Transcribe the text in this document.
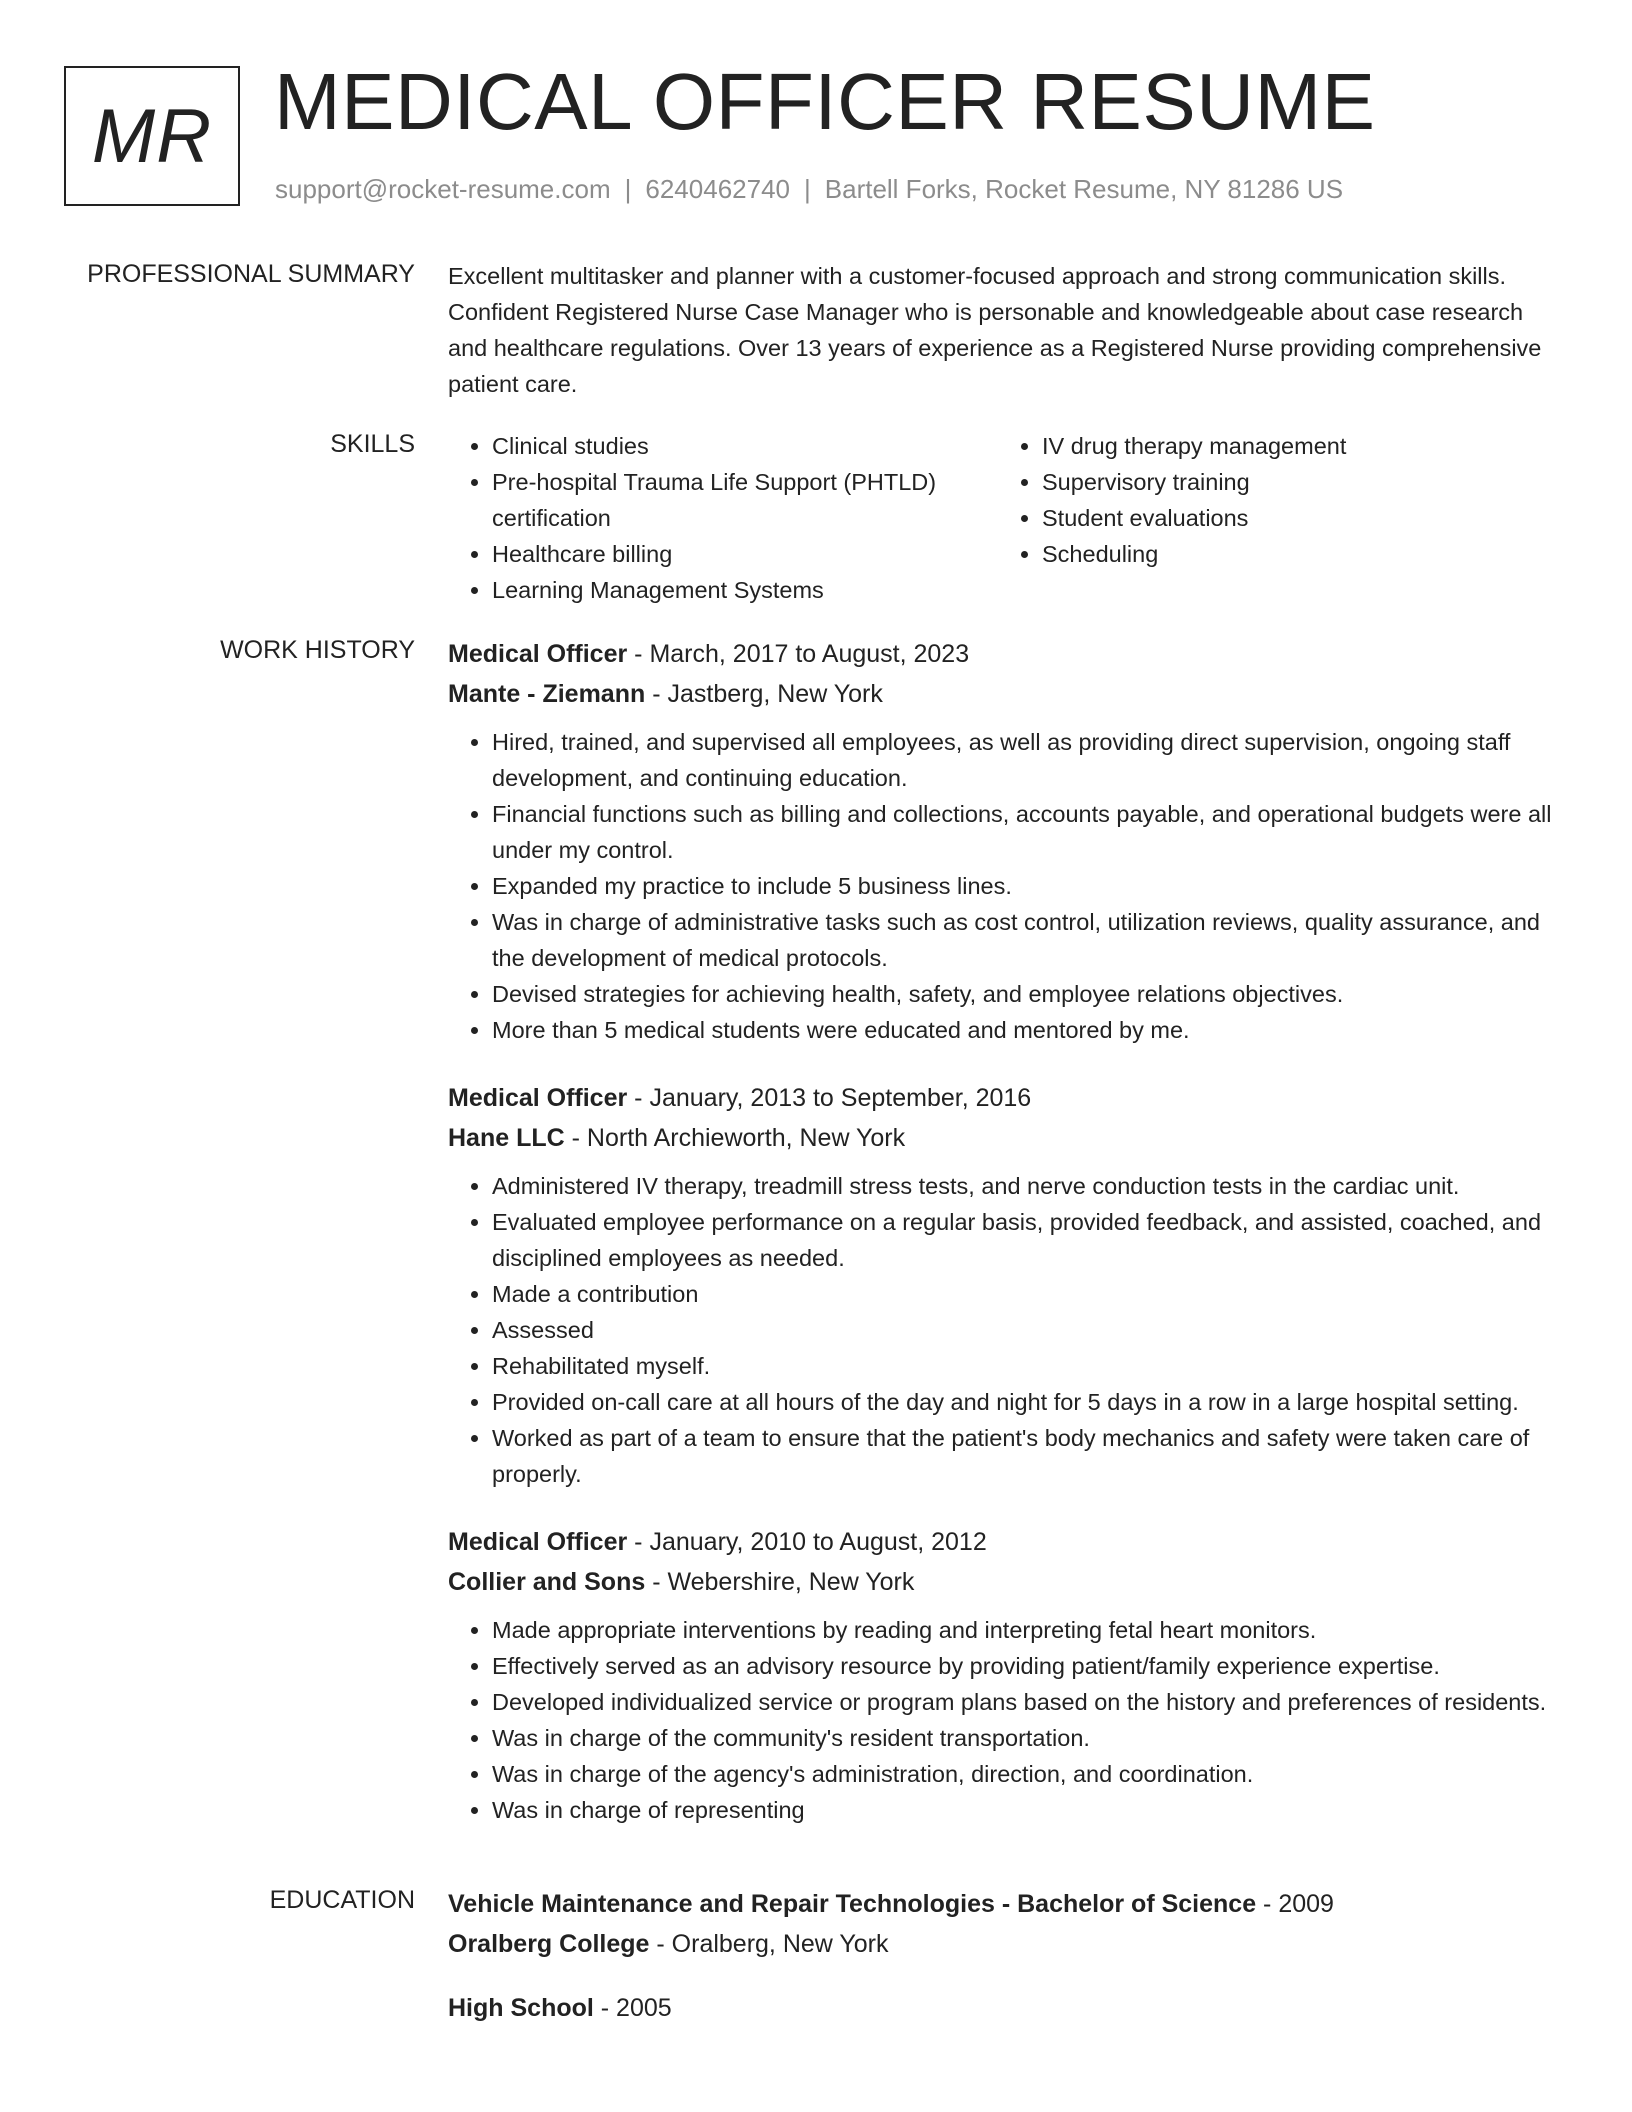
MR MEDICAL OFFICER RESUME
support@rocket-resume.com | 6240462740 | Bartell Forks, Rocket Resume, NY 81286 US
PROFESSIONAL SUMMARY Excellent multitasker and planner with a customer-focused approach and strong communication skills. Confident Registered Nurse Case Manager who is personable and knowledgeable about case research and healthcare regulations. Over 13 years of experience as a Registered Nurse providing comprehensive patient care.

SKILLS
•	Clinical studies
• Pre-hospital Trauma Life Support (PHTLD) certification
• Healthcare billing
• Learning Management Systems
• IV drug therapy management
• Supervisory training
• Student evaluations
• Scheduling
WORK HISTORY Medical Officer - March, 2017 to August, 2023
Mante - Ziemann - Jastberg, New York
• Hired, trained, and supervised all employees, as well as providing direct supervision, ongoing staff development, and continuing education.
• Financial functions such as billing and collections, accounts payable, and operational budgets were all under my control.
• Expanded my practice to include 5 business lines.
• Was in charge of administrative tasks such as cost control, utilization reviews, quality assurance, and the development of medical protocols.
• Devised strategies for achieving health, safety, and employee relations objectives.
• More than 5 medical students were educated and mentored by me.
Medical Officer - January, 2013 to September, 2016
Hane LLC - North Archieworth, New York
• Administered IV therapy, treadmill stress tests, and nerve conduction tests in the cardiac unit.
• Evaluated employee performance on a regular basis, provided feedback, and assisted, coached, and disciplined employees as needed.
• Made a contribution
• Assessed
• Rehabilitated myself.
• Provided on-call care at all hours of the day and night for 5 days in a row in a large hospital setting.
• Worked as part of a team to ensure that the patient's body mechanics and safety were taken care of properly.
Medical Officer - January, 2010 to August, 2012
Collier and Sons - Webershire, New York
• Made appropriate interventions by reading and interpreting fetal heart monitors.
• Effectively served as an advisory resource by providing patient/family experience expertise.
• Developed individualized service or program plans based on the history and preferences of residents.
• Was in charge of the community's resident transportation.
• Was in charge of the agency's administration, direction, and coordination.
• Was in charge of representing
EDUCATION Vehicle Maintenance and Repair Technologies - Bachelor of Science - 2009
Oralberg College - Oralberg, New York
High School - 2005
